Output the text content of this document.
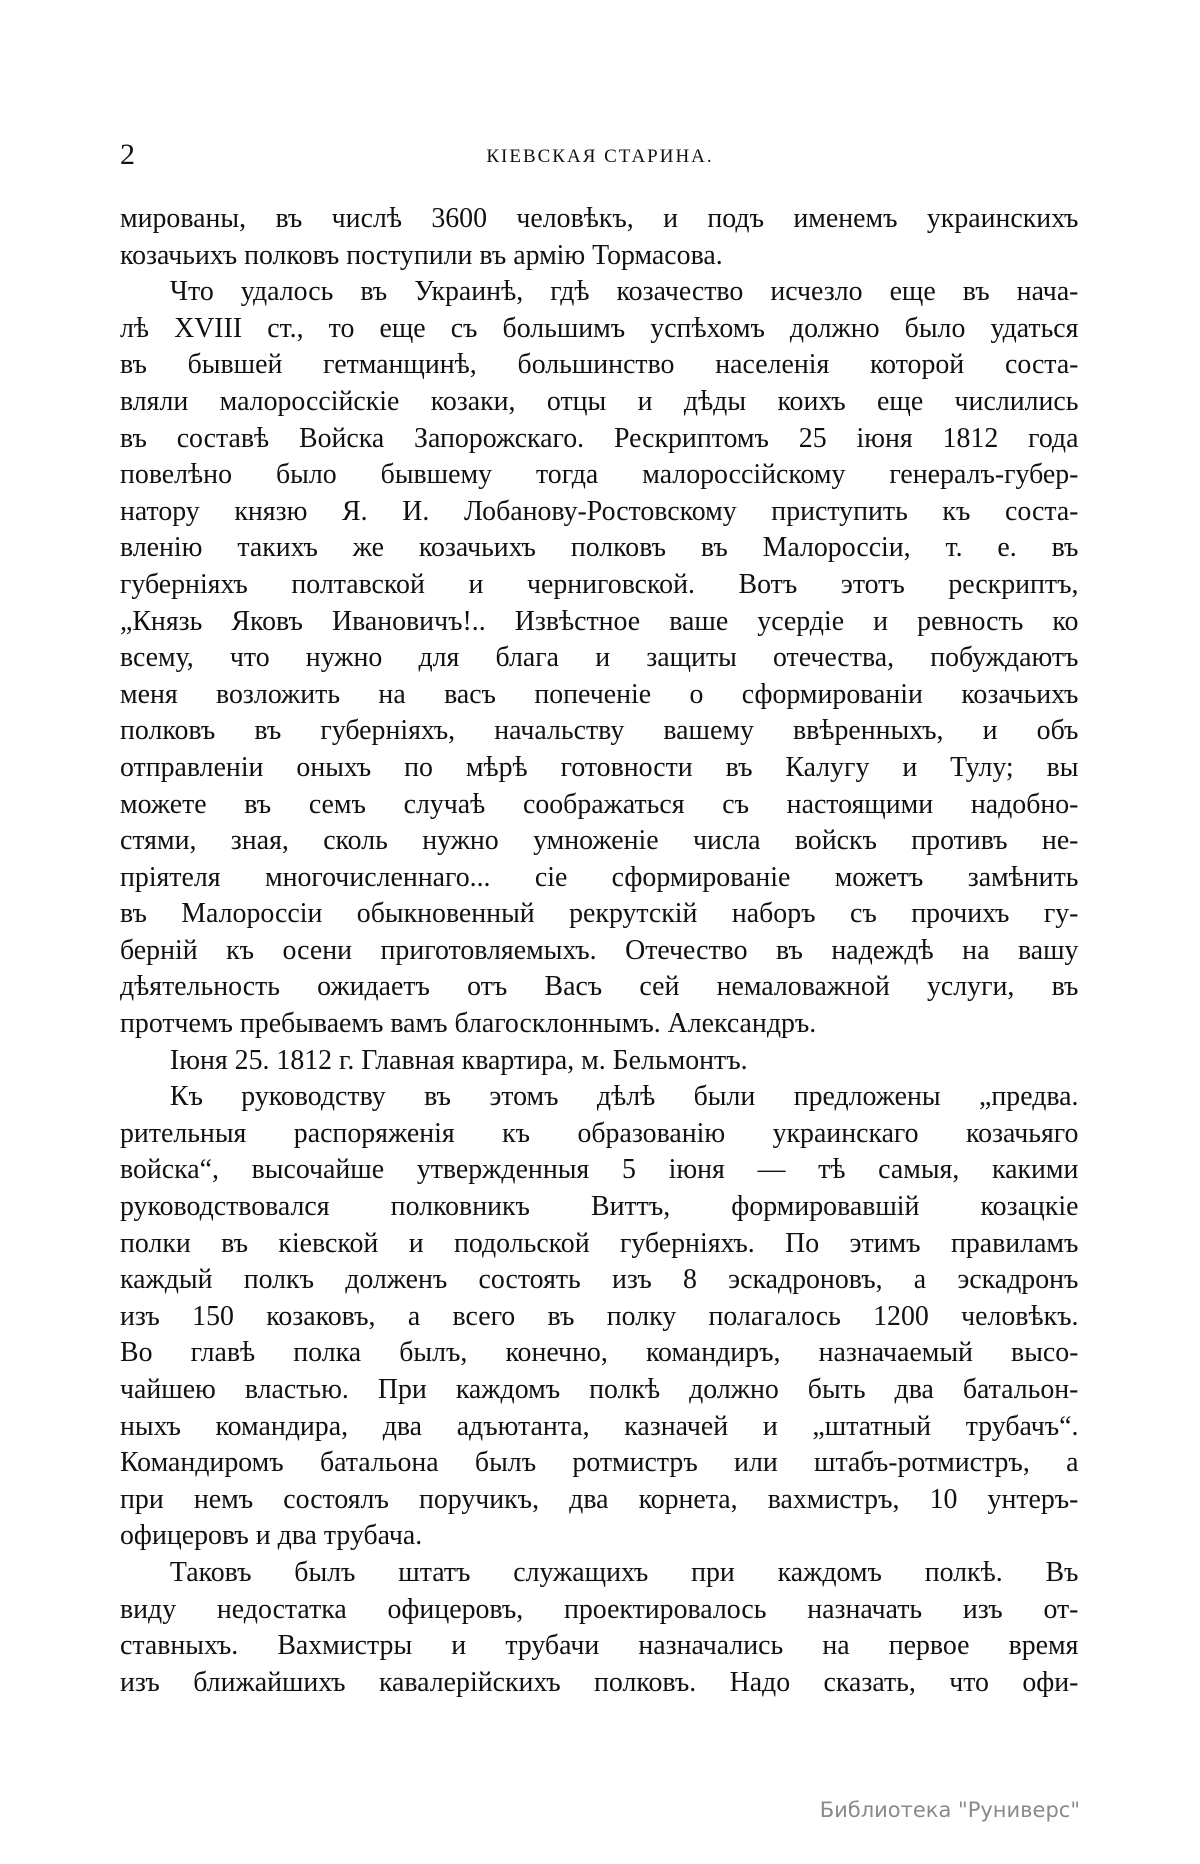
2	КІЕВСКАЯ СТАРИНА.
мированы, въ числѣ 3600 человѣкъ, и подъ именемъ украинскихъ
козачьихъ полковъ поступили въ армію Тормасова.
Что удалось въ Украинѣ, гдѣ козачество исчезло еще въ нача-
лѣ XVIII ст., то еще съ большимъ успѣхомъ должно было удаться
въ бывшей гетманщинѣ, большинство населенія которой соста-
вляли малороссійскіе козаки, отцы и дѣды коихъ еще числились
въ составѣ Войска Запорожскаго. Рескриптомъ 25 іюня 1812 года
повелѣно было бывшему тогда малороссійскому генералъ-губер-
натору князю Я. И. Лобанову-Ростовскому приступить къ соста-
вленію такихъ же козачьихъ полковъ въ Малороссіи, т. е. въ
губерніяхъ полтавской и черниговской. Вотъ этотъ рескриптъ,
„Князь Яковъ Ивановичъ!.. Извѣстное ваше усердіе и ревность ко
всему, что нужно для блага и защиты отечества, побуждаютъ
меня возложить на васъ попеченіе о сформированіи козачьихъ
полковъ въ губерніяхъ, начальству вашему ввѣренныхъ, и объ
отправленіи оныхъ по мѣрѣ готовности въ Калугу и Тулу; вы
можете въ семъ случаѣ соображаться съ настоящими надобно-
стями, зная, сколь нужно умноженіе числа войскъ противъ не-
пріятеля многочисленнаго... сіе сформированіе можетъ замѣнить
въ Малороссіи обыкновенный рекрутскій наборъ съ прочихъ гу-
берній къ осени приготовляемыхъ. Отечество въ надеждѣ на вашу
дѣятельность ожидаетъ отъ Васъ сей немаловажной услуги, въ
протчемъ пребываемъ вамъ благосклоннымъ. Александръ.
Іюня 25. 1812 г. Главная квартира, м. Бельмонтъ.
Къ руководству въ этомъ дѣлѣ были предложены „предва.
рительныя распоряженія къ образованію украинскаго козачьяго
войска“, высочайше утвержденныя 5 іюня — тѣ самыя, какими
руководствовался полковникъ Виттъ, формировавшій козацкіе
полки въ кіевской и подольской губерніяхъ. По этимъ правиламъ
каждый полкъ долженъ состоять изъ 8 эскадроновъ, а эскадронъ
изъ 150 козаковъ, а всего въ полку полагалось 1200 человѣкъ.
Во главѣ полка былъ, конечно, командиръ, назначаемый высо-
чайшею властью. При каждомъ полкѣ должно быть два батальон-
ныхъ командира, два адъютанта, казначей и „штатный трубачъ“.
Командиромъ батальона былъ ротмистръ или штабъ-ротмистръ, а
при немъ состоялъ поручикъ, два корнета, вахмистръ, 10 унтеръ-
офицеровъ и два трубача.
Таковъ былъ штатъ служащихъ при каждомъ полкѣ. Въ
виду недостатка офицеровъ, проектировалось назначать изъ от-
ставныхъ. Вахмистры и трубачи назначались на первое время
изъ ближайшихъ кавалерійскихъ полковъ. Надо сказать, что офи-
Библиотека "Руниверс"
